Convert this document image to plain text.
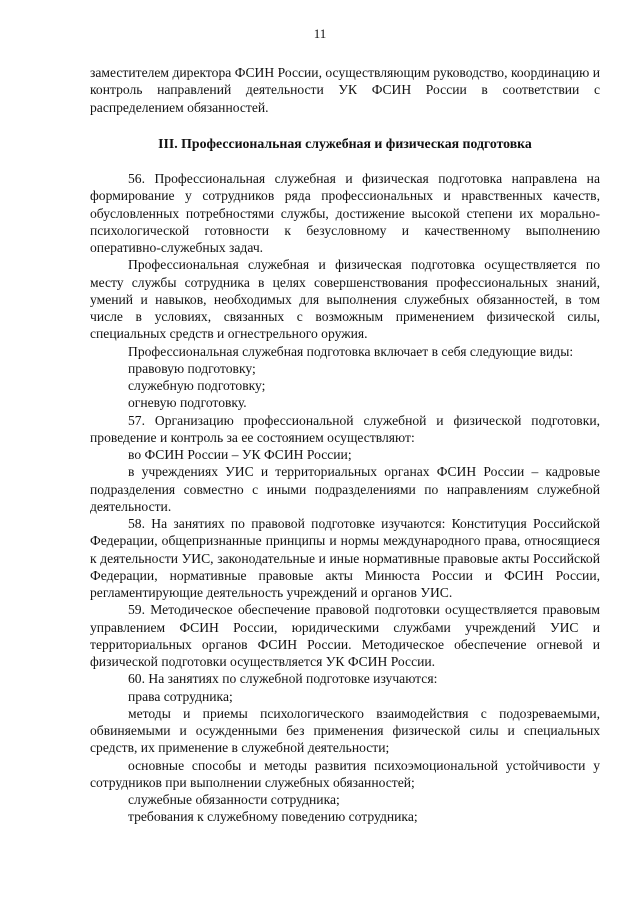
11

заместителем директора ФСИН России, осуществляющим руководство, координацию и контроль направлений деятельности УК ФСИН России в соответствии с распределением обязанностей.

III. Профессиональная служебная и физическая подготовка

56. Профессиональная служебная и физическая подготовка направлена на формирование у сотрудников ряда профессиональных и нравственных качеств, обусловленных потребностями службы, достижение высокой степени их морально-психологической готовности к безусловному и качественному выполнению оперативно-служебных задач.

Профессиональная служебная и физическая подготовка осуществляется по месту службы сотрудника в целях совершенствования профессиональных знаний, умений и навыков, необходимых для выполнения служебных обязанностей, в том числе в условиях, связанных с возможным применением физической силы, специальных средств и огнестрельного оружия.

Профессиональная служебная подготовка включает в себя следующие виды:

правовую подготовку;

служебную подготовку;

огневую подготовку.

57. Организацию профессиональной служебной и физической подготовки, проведение и контроль за ее состоянием осуществляют:

во ФСИН России – УК ФСИН России;

в учреждениях УИС и территориальных органах ФСИН России – кадровые подразделения совместно с иными подразделениями по направлениям служебной деятельности.

58. На занятиях по правовой подготовке изучаются: Конституция Российской Федерации, общепризнанные принципы и нормы международного права, относящиеся к деятельности УИС, законодательные и иные нормативные правовые акты Российской Федерации, нормативные правовые акты Минюста России и ФСИН России, регламентирующие деятельность учреждений и органов УИС.

59. Методическое обеспечение правовой подготовки осуществляется правовым управлением ФСИН России, юридическими службами учреждений УИС и территориальных органов ФСИН России. Методическое обеспечение огневой и физической подготовки осуществляется УК ФСИН России.

60. На занятиях по служебной подготовке изучаются:

права сотрудника;

методы и приемы психологического взаимодействия с подозреваемыми, обвиняемыми и осужденными без применения физической силы и специальных средств, их применение в служебной деятельности;

основные способы и методы развития психоэмоциональной устойчивости у сотрудников при выполнении служебных обязанностей;

служебные обязанности сотрудника;

требования к служебному поведению сотрудника;
